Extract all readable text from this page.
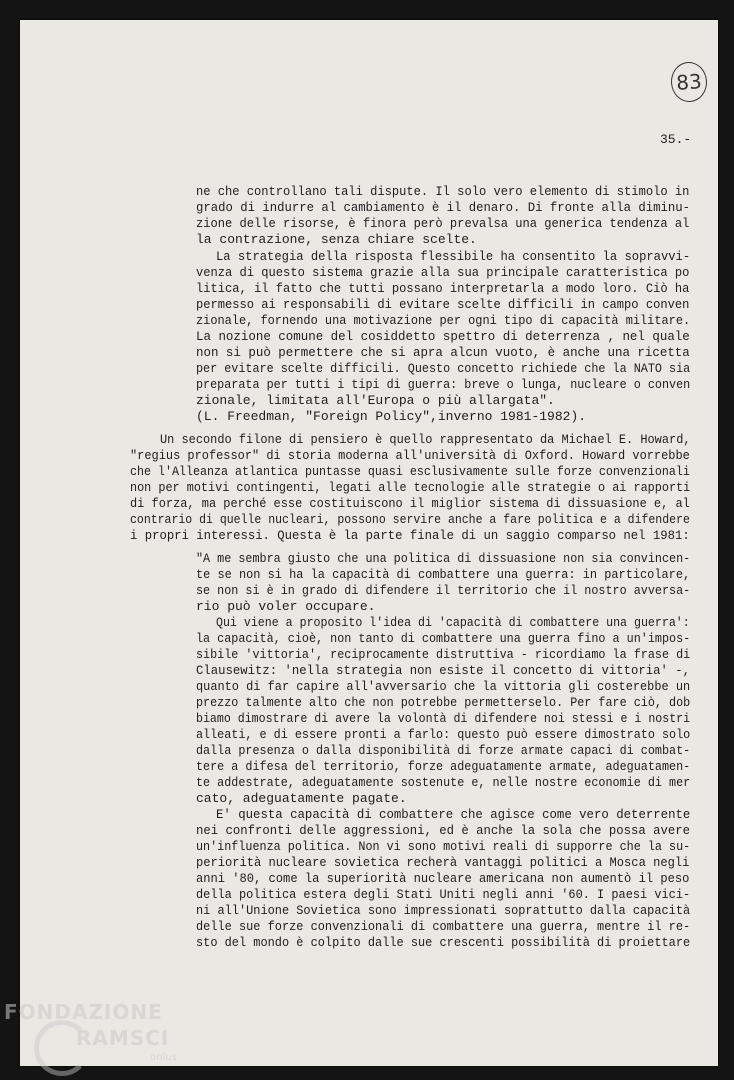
83
35.-
ne che controllano tali dispute. Il solo vero elemento di stimolo in
grado di indurre al cambiamento è il denaro. Di fronte alla diminu-
zione delle risorse, è finora però prevalsa una generica tendenza al
la contrazione, senza chiare scelte.
La strategia della risposta flessibile ha consentito la sopravvi-
venza di questo sistema grazie alla sua principale caratteristica po
litica, il fatto che tutti possano interpretarla a modo loro. Ciò ha
permesso ai responsabili di evitare scelte difficili in campo conven
zionale, fornendo una motivazione per ogni tipo di capacità militare.
La nozione comune del cosiddetto spettro di deterrenza , nel quale
non si può permettere che si apra alcun vuoto, è anche una ricetta
per evitare scelte difficili. Questo concetto richiede che la NATO sia
preparata per tutti i tipi di guerra: breve o lunga, nucleare o conven
zionale, limitata all'Europa o più allargata".
(L. Freedman, "Foreign Policy",inverno 1981-1982).
Un secondo filone di pensiero è quello rappresentato da Michael E. Howard,
"regius professor" di storia moderna all'università di Oxford. Howard vorrebbe
che l'Alleanza atlantica puntasse quasi esclusivamente sulle forze convenzionali
non per motivi contingenti, legati alle tecnologie alle strategie o ai rapporti
di forza, ma perché esse costituiscono il miglior sistema di dissuasione e, al
contrario di quelle nucleari, possono servire anche a fare politica e a difendere
i propri interessi. Questa è la parte finale di un saggio comparso nel 1981:
"A me sembra giusto che una politica di dissuasione non sia convincen-
te se non si ha la capacità di combattere una guerra: in particolare,
se non si è in grado di difendere il territorio che il nostro avversa-
rio può voler occupare.
Qui viene a proposito l'idea di 'capacità di combattere una guerra':
la capacità, cioè, non tanto di combattere una guerra fino a un'impos-
sibile 'vittoria', reciprocamente distruttiva - ricordiamo la frase di
Clausewitz: 'nella strategia non esiste il concetto di vittoria' -,
quanto di far capire all'avversario che la vittoria gli costerebbe un
prezzo talmente alto che non potrebbe permetterselo. Per fare ciò, dob
biamo dimostrare di avere la volontà di difendere noi stessi e i nostri
alleati, e di essere pronti a farlo: questo può essere dimostrato solo
dalla presenza o dalla disponibilità di forze armate capaci di combat-
tere a difesa del territorio, forze adeguatamente armate, adeguatamen-
te addestrate, adeguatamente sostenute e, nelle nostre economie di mer
cato, adeguatamente pagate.
E' questa capacità di combattere che agisce come vero deterrente
nei confronti delle aggressioni, ed è anche la sola che possa avere
un'influenza politica. Non vi sono motivi reali di supporre che la su-
periorità nucleare sovietica recherà vantaggi politici a Mosca negli
anni '80, come la superiorità nucleare americana non aumentò il peso
della politica estera degli Stati Uniti negli anni '60. I paesi vici-
ni all'Unione Sovietica sono impressionati soprattutto dalla capacità
delle sue forze convenzionali di combattere una guerra, mentre il re-
sto del mondo è colpito dalle sue crescenti possibilità di proiettare
FONDAZIONE
RAMSCI
onlus
